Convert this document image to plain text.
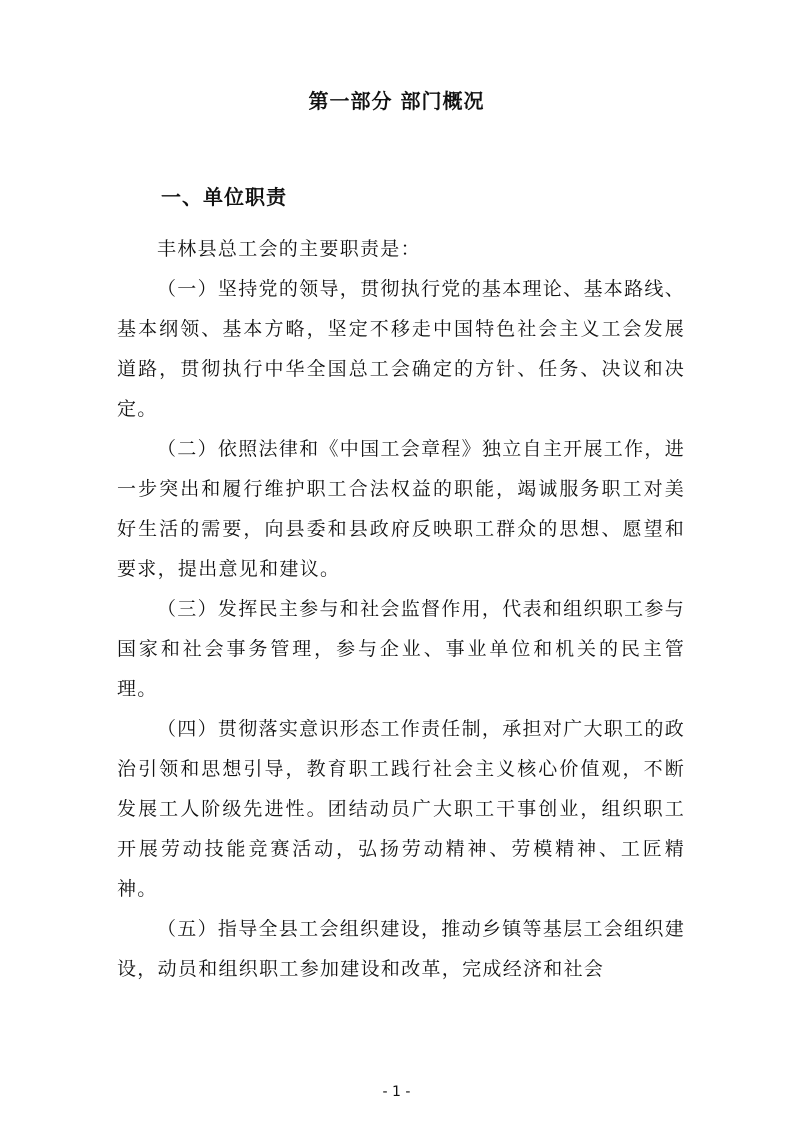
第一部分 部门概况
一、单位职责

丰林县总工会的主要职责是：

（一）坚持党的领导，贯彻执行党的基本理论、基本路线、基本纲领、基本方略，坚定不移走中国特色社会主义工会发展道路，贯彻执行中华全国总工会确定的方针、任务、决议和决定。

（二）依照法律和《中国工会章程》独立自主开展工作，进一步突出和履行维护职工合法权益的职能，竭诚服务职工对美好生活的需要，向县委和县政府反映职工群众的思想、愿望和要求，提出意见和建议。

（三）发挥民主参与和社会监督作用，代表和组织职工参与国家和社会事务管理，参与企业、事业单位和机关的民主管理。

（四）贯彻落实意识形态工作责任制，承担对广大职工的政治引领和思想引导，教育职工践行社会主义核心价值观，不断发展工人阶级先进性。团结动员广大职工干事创业，组织职工开展劳动技能竞赛活动，弘扬劳动精神、劳模精神、工匠精神。

（五）指导全县工会组织建设，推动乡镇等基层工会组织建设，动员和组织职工参加建设和改革，完成经济和社会

- 1 -
